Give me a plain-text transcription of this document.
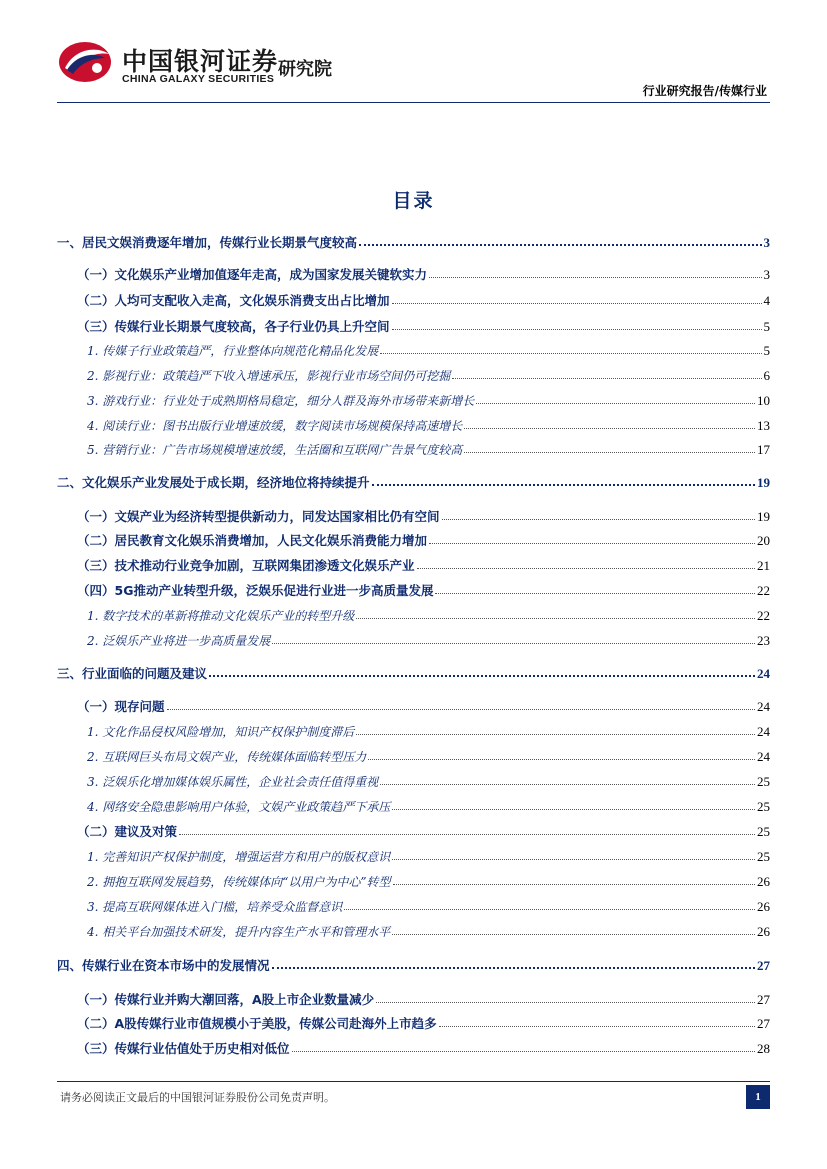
中国银河证券
CHINA GALAXY SECURITIES 研究院
行业研究报告/传媒行业
目录
一、居民文娱消费逐年增加，传媒行业长期景气度较高	3
（一）文化娱乐产业增加值逐年走高，成为国家发展关键软实力	3
（二）人均可支配收入走高，文化娱乐消费支出占比增加	4
（三）传媒行业长期景气度较高，各子行业仍具上升空间	5
1. 传媒子行业政策趋严，行业整体向规范化精品化发展	5
2. 影视行业：政策趋严下收入增速承压，影视行业市场空间仍可挖掘	6
3. 游戏行业：行业处于成熟期格局稳定，细分人群及海外市场带来新增长	10
4. 阅读行业：图书出版行业增速放缓，数字阅读市场规模保持高速增长	13
5. 营销行业：广告市场规模增速放缓，生活圈和互联网广告景气度较高	17
二、文化娱乐产业发展处于成长期，经济地位将持续提升	19
（一）文娱产业为经济转型提供新动力，同发达国家相比仍有空间	19
（二）居民教育文化娱乐消费增加，人民文化娱乐消费能力增加	20
（三）技术推动行业竞争加剧，互联网集团渗透文化娱乐产业	21
（四）5G推动产业转型升级，泛娱乐促进行业进一步高质量发展	22
1. 数字技术的革新将推动文化娱乐产业的转型升级	22
2. 泛娱乐产业将进一步高质量发展	23
三、行业面临的问题及建议	24
（一）现存问题	24
1. 文化作品侵权风险增加，知识产权保护制度滞后	24
2. 互联网巨头布局文娱产业，传统媒体面临转型压力	24
3. 泛娱乐化增加媒体娱乐属性，企业社会责任值得重视	25
4. 网络安全隐患影响用户体验，文娱产业政策趋严下承压	25
（二）建议及对策	25
1. 完善知识产权保护制度，增强运营方和用户的版权意识	25
2. 拥抱互联网发展趋势，传统媒体向“以用户为中心”转型	26
3. 提高互联网媒体进入门槛，培养受众监督意识	26
4. 相关平台加强技术研发，提升内容生产水平和管理水平	26
四、传媒行业在资本市场中的发展情况	27
（一）传媒行业并购大潮回落，A股上市企业数量减少	27
（二）A股传媒行业市值规模小于美股，传媒公司赴海外上市趋多	27
（三）传媒行业估值处于历史相对低位	28
请务必阅读正文最后的中国银河证券股份公司免责声明。	1
